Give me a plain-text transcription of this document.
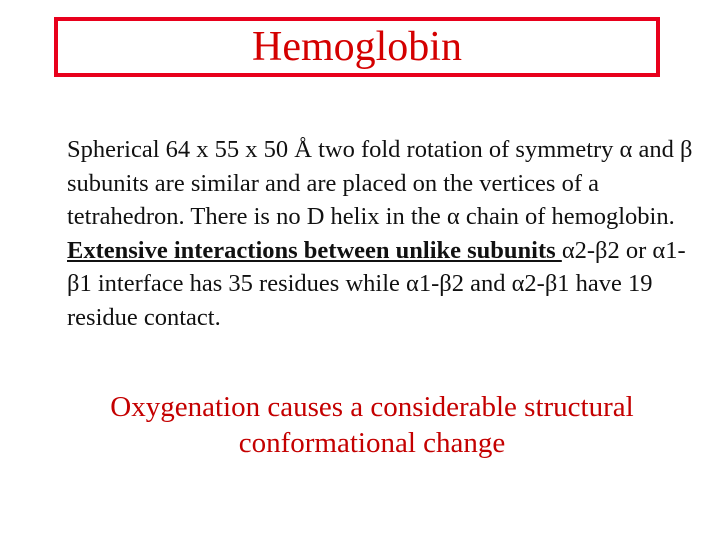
Hemoglobin

Spherical 64 x 55 x 50 Å two fold rotation of symmetry α and β subunits are similar and are placed on the vertices of a tetrahedron. There is no D helix in the α chain of hemoglobin. Extensive interactions between unlike subunits α2-β2 or α1-β1 interface has 35 residues while α1-β2 and α2-β1 have 19 residue contact.

Oxygenation causes a considerable structural conformational change
